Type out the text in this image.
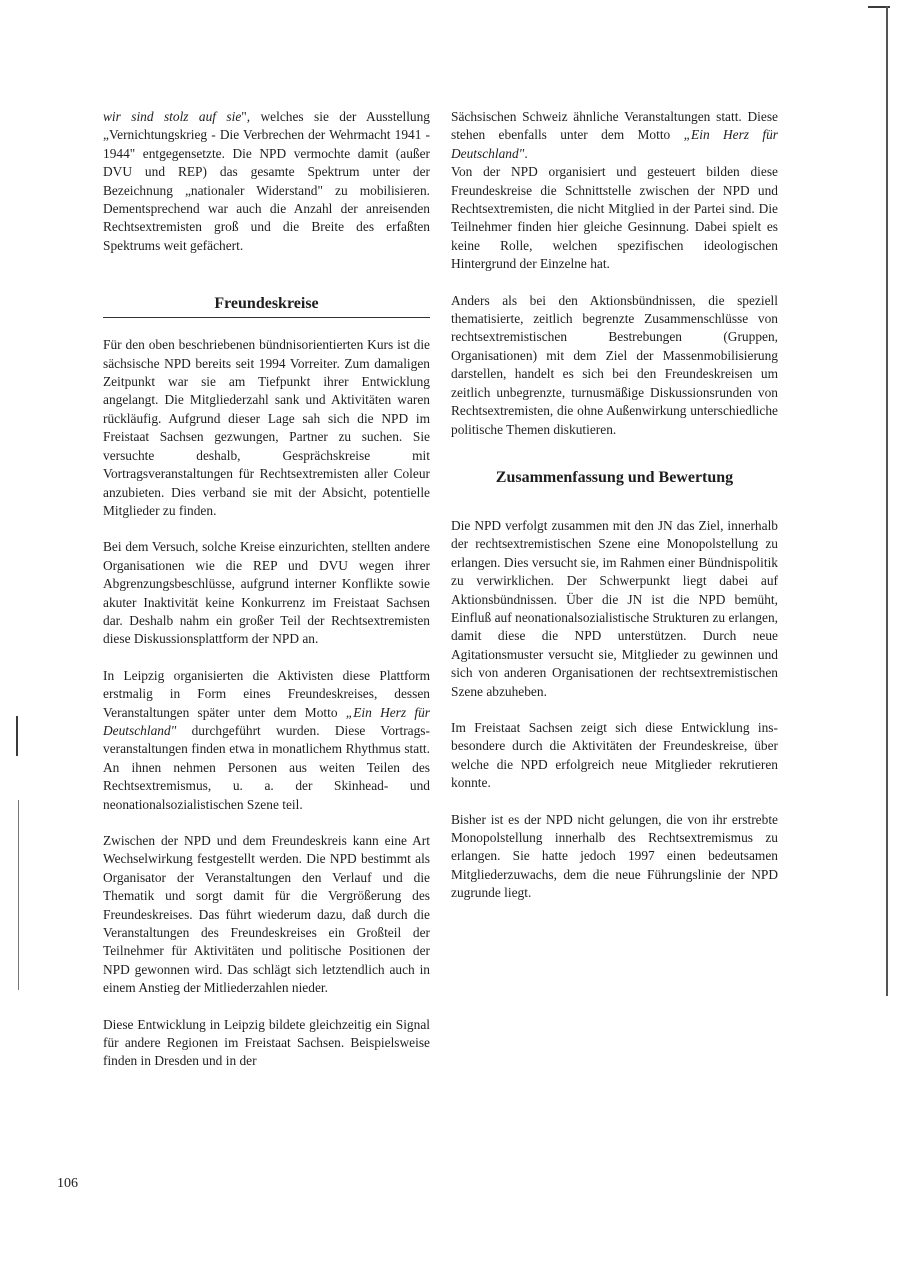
wir sind stolz auf sie", welches sie der Ausstellung „Vernichtungskrieg - Die Verbrechen der Wehrmacht 1941 - 1944" entgegensetzte. Die NPD vermochte damit (außer DVU und REP) das gesamte Spektrum unter der Bezeichnung „nationaler Widerstand" zu mobilisieren. Dementsprechend war auch die Anzahl der anreisenden Rechtsextremisten groß und die Breite des erfaßten Spektrums weit gefächert.

Freundeskreise

Für den oben beschriebenen bündnisorientierten Kurs ist die sächsische NPD bereits seit 1994 Vorreiter. Zum damaligen Zeitpunkt war sie am Tiefpunkt ihrer Entwicklung angelangt. Die Mitgliederzahl sank und Aktivitäten waren rückläufig. Aufgrund dieser Lage sah sich die NPD im Freistaat Sachsen gezwungen, Partner zu suchen. Sie versuchte deshalb, Gesprächskreise mit Vortragsveranstaltungen für Rechtsextremisten aller Coleur anzubieten. Dies verband sie mit der Absicht, potentielle Mitglieder zu finden.

Bei dem Versuch, solche Kreise einzurichten, stellten andere Organisationen wie die REP und DVU wegen ihrer Abgrenzungsbeschlüsse, aufgrund interner Konflikte sowie akuter Inaktivität keine Konkurrenz im Freistaat Sachsen dar. Deshalb nahm ein großer Teil der Rechtsextremisten diese Diskussionsplattform der NPD an.

In Leipzig organisierten die Aktivisten diese Plattform erstmalig in Form eines Freundeskreises, dessen Veranstaltungen später unter dem Motto „Ein Herz für Deutschland" durchgeführt wurden. Diese Vortragsveranstaltungen finden etwa in monatlichem Rhythmus statt. An ihnen nehmen Personen aus weiten Teilen des Rechtsextremismus, u. a. der Skinhead- und neonationalsozialistischen Szene teil.

Zwischen der NPD und dem Freundeskreis kann eine Art Wechselwirkung festgestellt werden. Die NPD bestimmt als Organisator der Veranstaltungen den Verlauf und die Thematik und sorgt damit für die Vergrößerung des Freundeskreises. Das führt wiederum dazu, daß durch die Veranstaltungen des Freundeskreises ein Großteil der Teilnehmer für Aktivitäten und politische Positionen der NPD gewonnen wird. Das schlägt sich letztendlich auch in einem Anstieg der Mitliederzahlen nieder.

Diese Entwicklung in Leipzig bildete gleichzeitig ein Signal für andere Regionen im Freistaat Sachsen. Beispielsweise finden in Dresden und in der

Sächsischen Schweiz ähnliche Veranstaltungen statt. Diese stehen ebenfalls unter dem Motto „Ein Herz für Deutschland".

Von der NPD organisiert und gesteuert bilden diese Freundeskreise die Schnittstelle zwischen der NPD und Rechtsextremisten, die nicht Mitglied in der Partei sind. Die Teilnehmer finden hier gleiche Gesinnung. Dabei spielt es keine Rolle, welchen spezifischen ideologischen Hintergrund der Einzelne hat.

Anders als bei den Aktionsbündnissen, die speziell thematisierte, zeitlich begrenzte Zusammenschlüsse von rechtsextremistischen Bestrebungen (Gruppen, Organisationen) mit dem Ziel der Massenmobilisierung darstellen, handelt es sich bei den Freundeskreisen um zeitlich unbegrenzte, turnusmäßige Diskussionsrunden von Rechtsextremisten, die ohne Außenwirkung unterschiedliche politische Themen diskutieren.

Zusammenfassung und Bewertung

Die NPD verfolgt zusammen mit den JN das Ziel, innerhalb der rechtsextremistischen Szene eine Monopolstellung zu erlangen. Dies versucht sie, im Rahmen einer Bündnispolitik zu verwirklichen. Der Schwerpunkt liegt dabei auf Aktionsbündnissen. Über die JN ist die NPD bemüht, Einfluß auf neonationalsozialistische Strukturen zu erlangen, damit diese die NPD unterstützen. Durch neue Agitationsmuster versucht sie, Mitglieder zu gewinnen und sich von anderen Organisationen der rechtsextremistischen Szene abzuheben.

Im Freistaat Sachsen zeigt sich diese Entwicklung insbesondere durch die Aktivitäten der Freundeskreise, über welche die NPD erfolgreich neue Mitglieder rekrutieren konnte.

Bisher ist es der NPD nicht gelungen, die von ihr erstrebte Monopolstellung innerhalb des Rechtsextremismus zu erlangen. Sie hatte jedoch 1997 einen bedeutsamen Mitgliederzuwachs, dem die neue Führungslinie der NPD zugrunde liegt.

106
